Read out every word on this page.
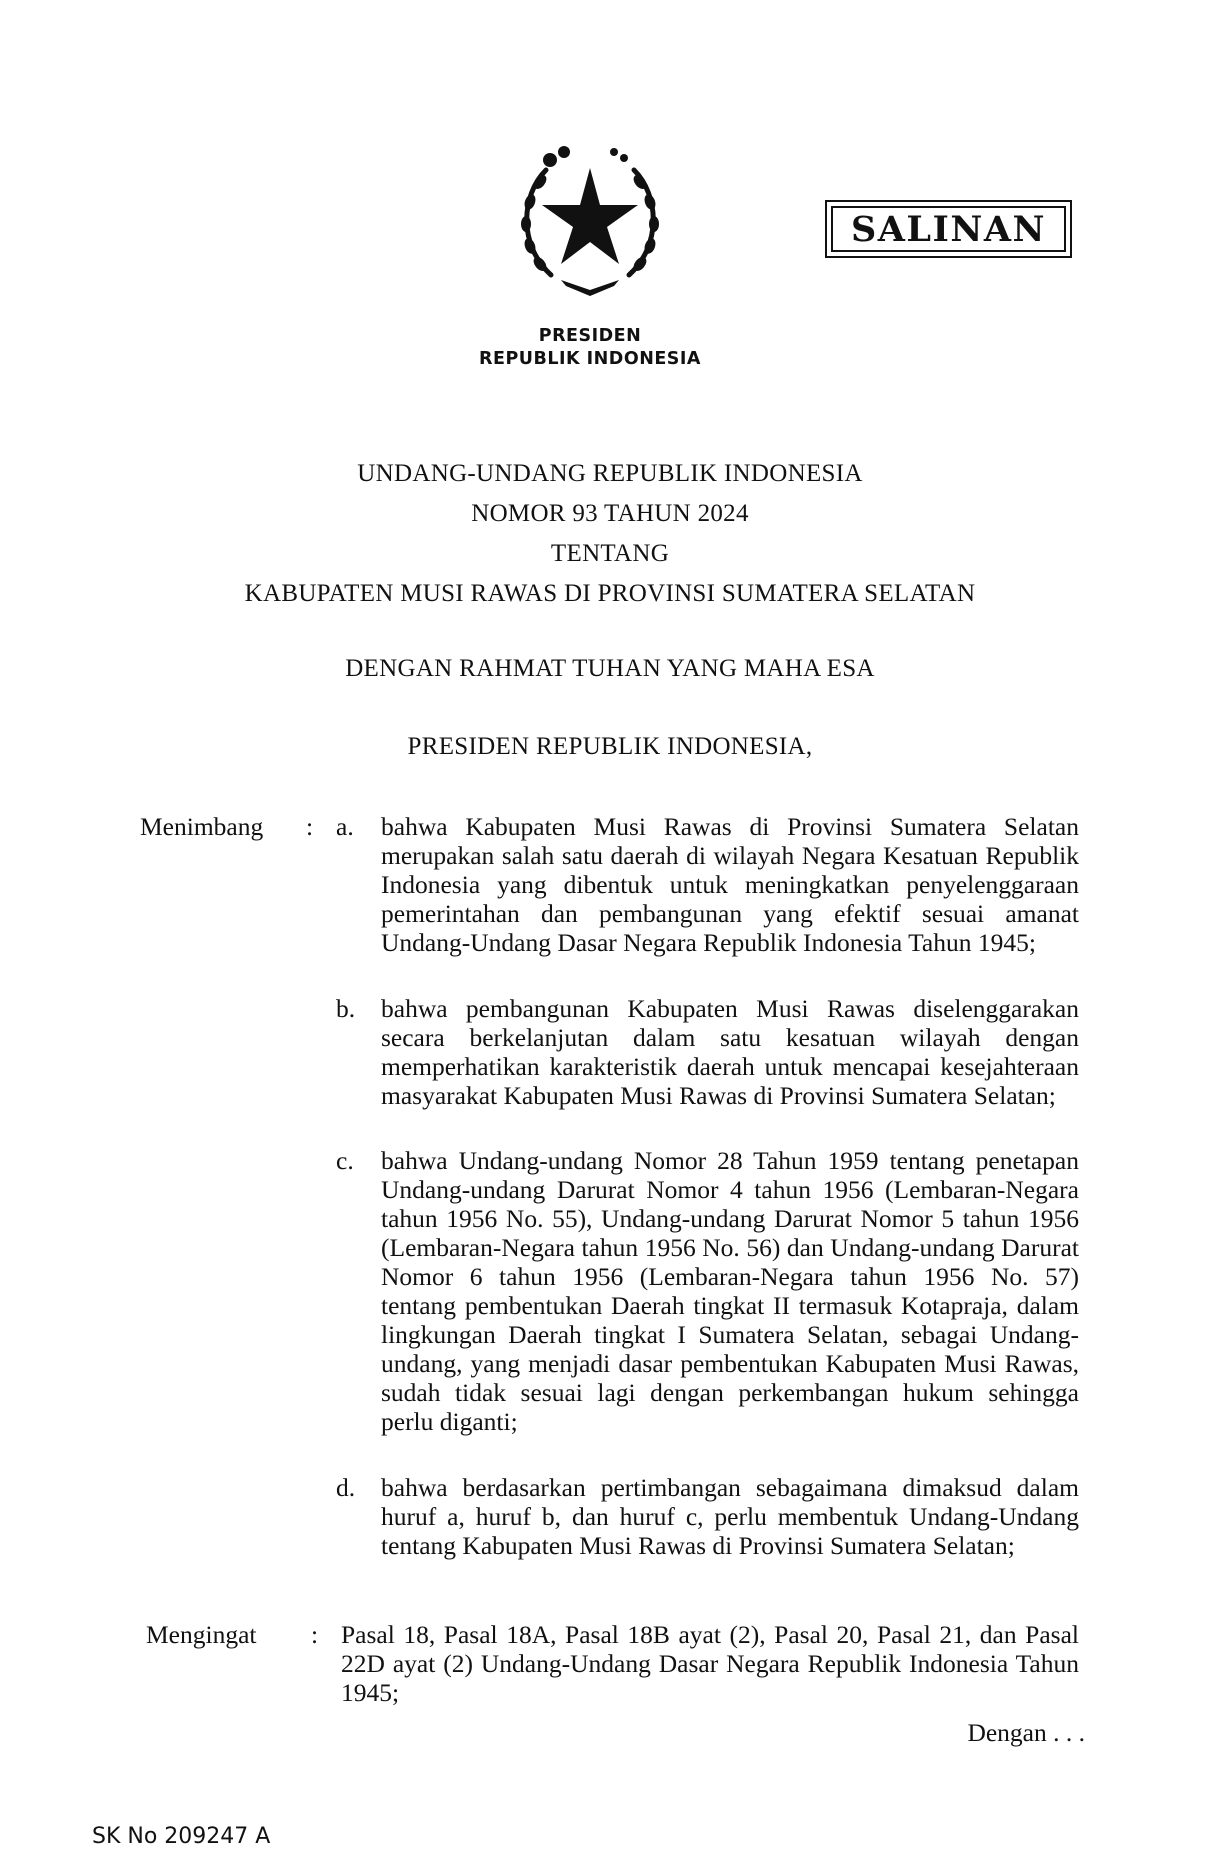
PRESIDEN
REPUBLIK INDONESIA
SALINAN
UNDANG-UNDANG REPUBLIK INDONESIA
NOMOR 93 TAHUN 2024
TENTANG
KABUPATEN MUSI RAWAS DI PROVINSI SUMATERA SELATAN
DENGAN RAHMAT TUHAN YANG MAHA ESA
PRESIDEN REPUBLIK INDONESIA,
Menimbang : a. bahwa Kabupaten Musi Rawas di Provinsi Sumatera Selatan merupakan salah satu daerah di wilayah Negara Kesatuan Republik Indonesia yang dibentuk untuk meningkatkan penyelenggaraan pemerintahan dan pembangunan yang efektif sesuai amanat Undang-Undang Dasar Negara Republik Indonesia Tahun 1945;
b. bahwa pembangunan Kabupaten Musi Rawas diselenggarakan secara berkelanjutan dalam satu kesatuan wilayah dengan memperhatikan karakteristik daerah untuk mencapai kesejahteraan masyarakat Kabupaten Musi Rawas di Provinsi Sumatera Selatan;
c. bahwa Undang-undang Nomor 28 Tahun 1959 tentang penetapan Undang-undang Darurat Nomor 4 tahun 1956 (Lembaran-Negara tahun 1956 No. 55), Undang-undang Darurat Nomor 5 tahun 1956 (Lembaran-Negara tahun 1956 No. 56) dan Undang-undang Darurat Nomor 6 tahun 1956 (Lembaran-Negara tahun 1956 No. 57) tentang pembentukan Daerah tingkat II termasuk Kotapraja, dalam lingkungan Daerah tingkat I Sumatera Selatan, sebagai Undang-undang, yang menjadi dasar pembentukan Kabupaten Musi Rawas, sudah tidak sesuai lagi dengan perkembangan hukum sehingga perlu diganti;
d. bahwa berdasarkan pertimbangan sebagaimana dimaksud dalam huruf a, huruf b, dan huruf c, perlu membentuk Undang-Undang tentang Kabupaten Musi Rawas di Provinsi Sumatera Selatan;
Mengingat : Pasal 18, Pasal 18A, Pasal 18B ayat (2), Pasal 20, Pasal 21, dan Pasal 22D ayat (2) Undang-Undang Dasar Negara Republik Indonesia Tahun 1945;
Dengan . . .
SK No 209247 A
